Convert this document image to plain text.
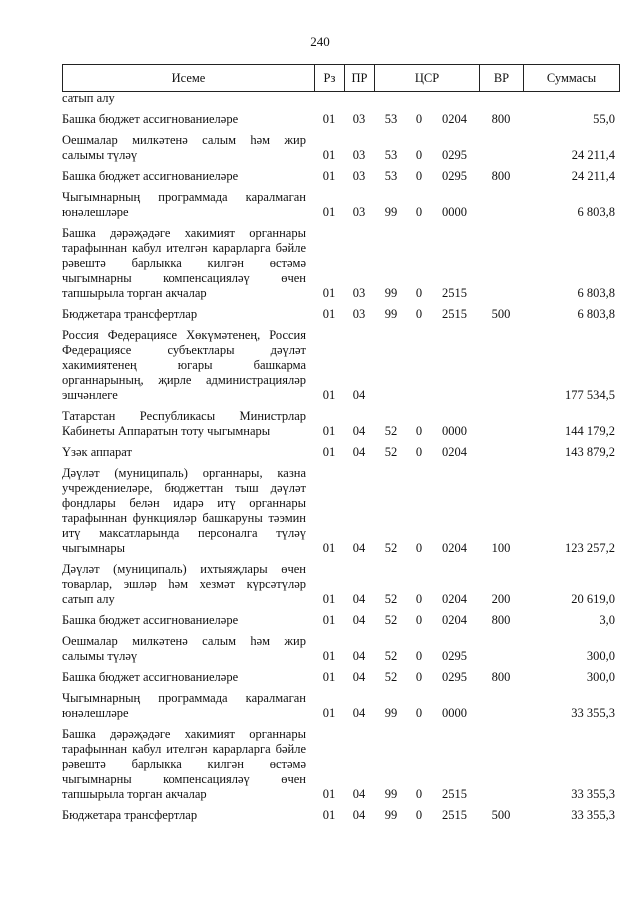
240
Исеме	Рз	ПР	ЦСР	ВР	Суммасы
сатып алу							
Башка бюджет ассигнованиеләре	01	03	53	0	0204	800	55,0
Оешмалар милкәтенә салым һәм жир салымы түләү	01	03	53	0	0295		24 211,4
Башка бюджет ассигнованиеләре	01	03	53	0	0295	800	24 211,4
Чыгымнарның программада каралмаган юнәлешләре	01	03	99	0	0000		6 803,8
Башка дәрәҗәдәге хакимият органнары тарафыннан кабул ителгән карарларга бәйле рәвештә барлыкка килгән өстәмә чыгымнарны компенсацияләү өчен тапшырыла торган акчалар	01	03	99	0	2515		6 803,8
Бюджетара трансфертлар	01	03	99	0	2515	500	6 803,8
Россия Федерациясе Хөкүмәтенең, Россия Федерациясе субъектлары дәүләт хакимиятенең югары башкарма органнарының, җирле администрацияләр эшчәнлеге	01	04					177 534,5
Татарстан Республикасы Министрлар Кабинеты Аппаратын тоту чыгымнары	01	04	52	0	0000		144 179,2
Үзәк аппарат	01	04	52	0	0204		143 879,2
Дәүләт (муниципаль) органнары, казна учреждениеләре, бюджеттан тыш дәүләт фондлары белән идарә итү органнары тарафыннан функцияләр башкаруны тәэмин итү максатларында персоналга түләү чыгымнары	01	04	52	0	0204	100	123 257,2
Дәүләт (муниципаль) ихтыяҗлары өчен товарлар, эшләр һәм хезмәт күрсәтүләр сатып алу	01	04	52	0	0204	200	20 619,0
Башка бюджет ассигнованиеләре	01	04	52	0	0204	800	3,0
Оешмалар милкәтенә салым һәм жир салымы түләү	01	04	52	0	0295		300,0
Башка бюджет ассигнованиеләре	01	04	52	0	0295	800	300,0
Чыгымнарның программада каралмаган юнәлешләре	01	04	99	0	0000		33 355,3
Башка дәрәҗәдәге хакимият органнары тарафыннан кабул ителгән карарларга бәйле рәвештә барлыкка килгән өстәмә чыгымнарны компенсацияләү өчен тапшырыла торган акчалар	01	04	99	0	2515		33 355,3
Бюджетара трансфертлар	01	04	99	0	2515	500	33 355,3
